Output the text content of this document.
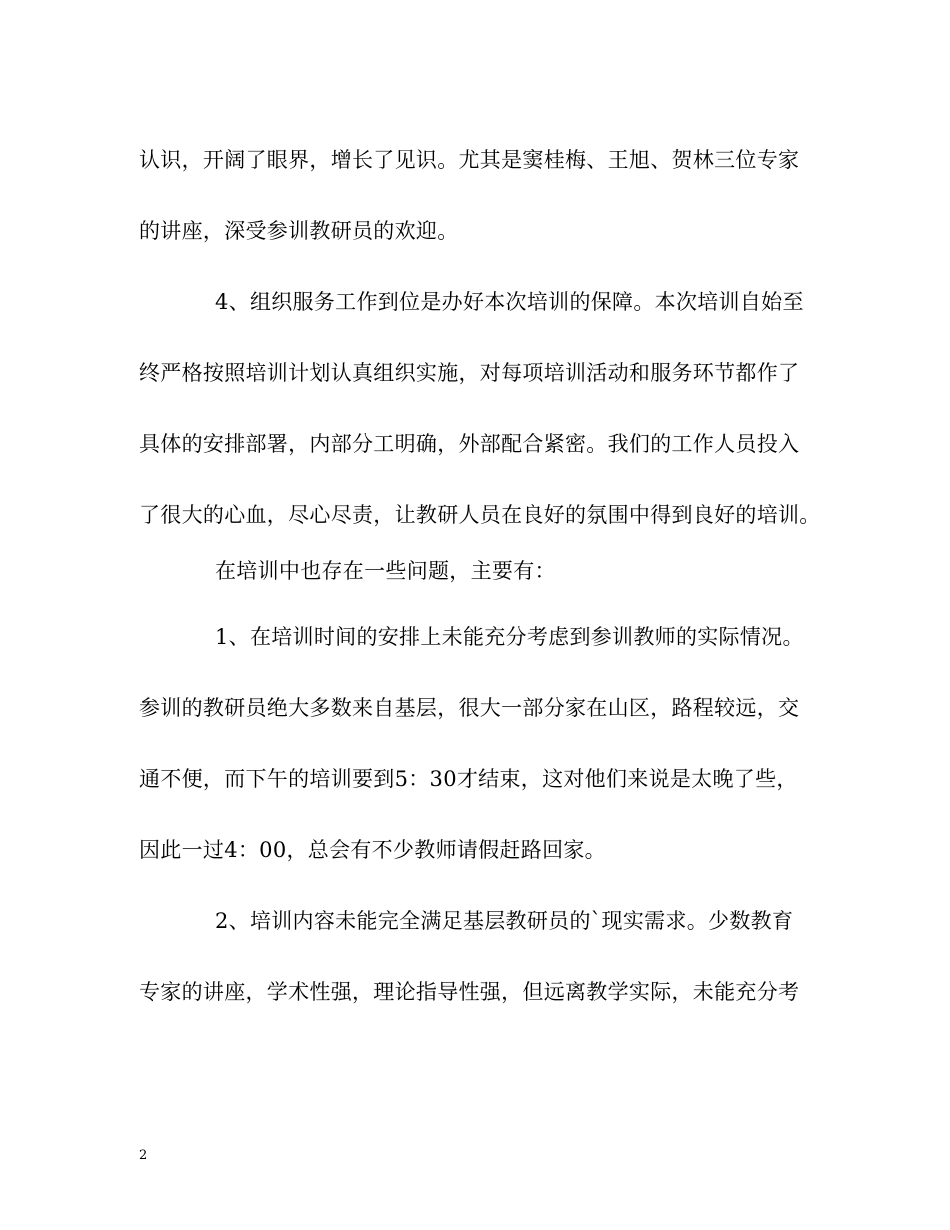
认识，开阔了眼界，增长了见识。尤其是窦桂梅、王旭、贺林三位专家
的讲座，深受参训教研员的欢迎。
4、组织服务工作到位是办好本次培训的保障。本次培训自始至
终严格按照培训计划认真组织实施，对每项培训活动和服务环节都作了
具体的安排部署，内部分工明确，外部配合紧密。我们的工作人员投入
了很大的心血，尽心尽责，让教研人员在良好的氛围中得到良好的培训。
在培训中也存在一些问题，主要有：
1、在培训时间的安排上未能充分考虑到参训教师的实际情况。
参训的教研员绝大多数来自基层，很大一部分家在山区，路程较远，交
通不便，而下午的培训要到5：30才结束，这对他们来说是太晚了些，
因此一过4：00，总会有不少教师请假赶路回家。
2、培训内容未能完全满足基层教研员的`现实需求。少数教育
专家的讲座，学术性强，理论指导性强，但远离教学实际，未能充分考
2
